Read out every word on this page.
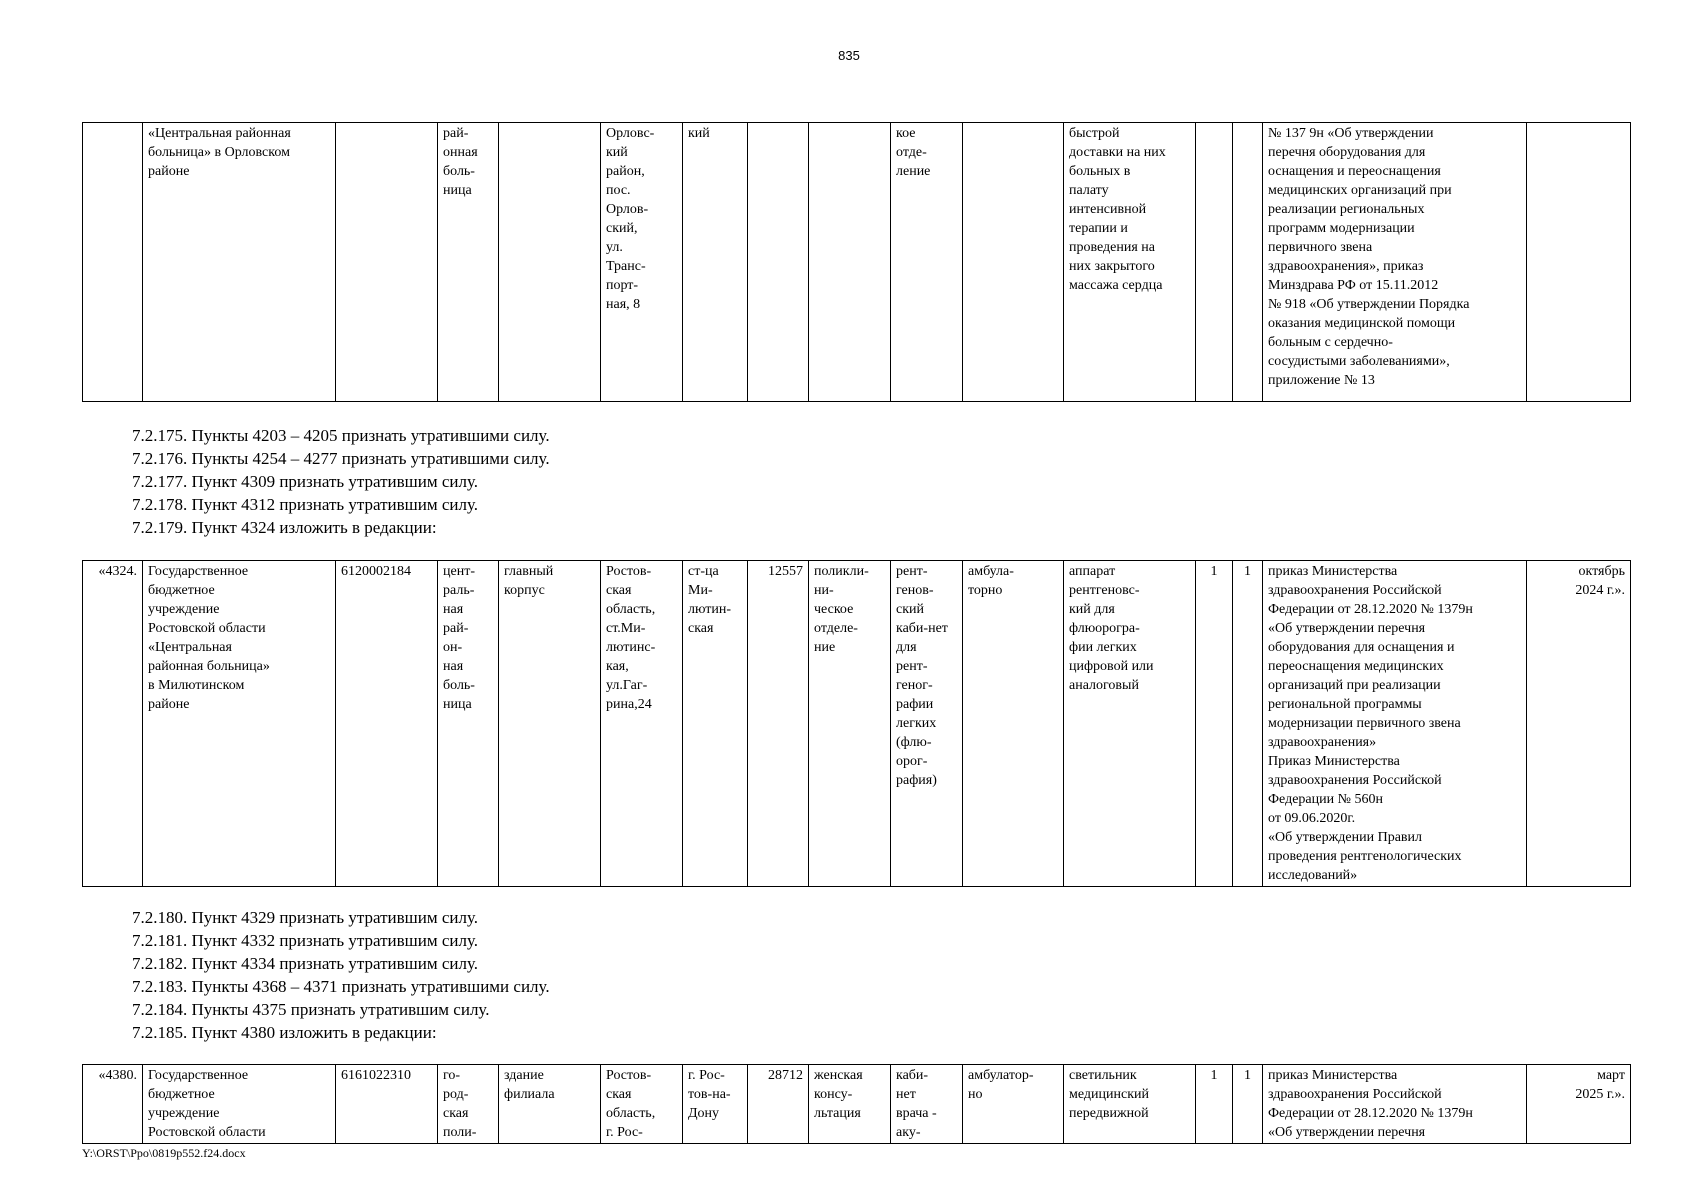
835
	«Центральная районная
больница» в Орловском
районе		рай-
онная
боль-
ница		Орловс-
кий
район,
пос.
Орлов-
ский,
ул.
Транс-
порт-
ная, 8	кий			кое
отде-
ление		быстрой
доставки на них
больных в
палату
интенсивной
терапии и
проведения на
них закрытого
массажа сердца			№ 137 9н «Об утверждении
перечня оборудования для
оснащения и переоснащения
медицинских организаций при
реализации региональных
программ модернизации
первичного звена
здравоохранения», приказ
Минздрава РФ от 15.11.2012
№ 918 «Об утверждении Порядка
оказания медицинской помощи
больным с сердечно-
сосудистыми заболеваниями»,
приложение № 13	
7.2.175. Пункты 4203 – 4205 признать утратившими силу.
7.2.176. Пункты 4254 – 4277 признать утратившими силу.
7.2.177. Пункт 4309 признать утратившим силу.
7.2.178. Пункт 4312 признать утратившим силу.
7.2.179. Пункт 4324 изложить в редакции:
«4324.	Государственное
бюджетное
учреждение
Ростовской области
«Центральная
районная больница»
в Милютинском
районе	6120002184	цент-
раль-
ная
рай-
он-
ная
боль-
ница	главный
корпус	Ростов-
ская
область,
ст.Ми-
лютинс-
кая,
ул.Гаг-
рина,24	ст-ца
Ми-
лютин-
ская	12557	поликли-
ни-
ческое
отделе-
ние	рент-
генов-
ский
каби-нет
для
рент-
геног-
рафии
легких
(флю-
орог-
рафия)	амбула-
торно	аппарат
рентгеновс-
кий для
флюорогра-
фии легких
цифровой или
аналоговый	1	1	приказ Министерства
здравоохранения Российской
Федерации от 28.12.2020 № 1379н
«Об утверждении перечня
оборудования для оснащения и
переоснащения медицинских
организаций при реализации
региональной программы
модернизации первичного звена
здравоохранения»
Приказ Министерства
здравоохранения Российской
Федерации № 560н
от 09.06.2020г.
«Об утверждении Правил
проведения рентгенологических
исследований»	октябрь
2024 г.».
7.2.180. Пункт 4329 признать утратившим силу.
7.2.181. Пункт 4332 признать утратившим силу.
7.2.182. Пункт 4334 признать утратившим силу.
7.2.183. Пункты 4368 – 4371 признать утратившими силу.
7.2.184. Пункты 4375 признать утратившим силу.
7.2.185. Пункт 4380 изложить в редакции:
«4380.	Государственное
бюджетное
учреждение
Ростовской области	6161022310	го-
род-
ская
поли-	здание
филиала	Ростов-
ская
область,
г. Рос-	г. Рос-
тов-на-
Дону	28712	женская
консу-
льтация	каби-
нет
врача -
аку-	амбулатор-
но	светильник
медицинский
передвижной	1	1	приказ Министерства
здравоохранения Российской
Федерации от 28.12.2020 № 1379н
«Об утверждении перечня	март
2025 г.».
Y:\ORST\Ppo\0819p552.f24.docx
